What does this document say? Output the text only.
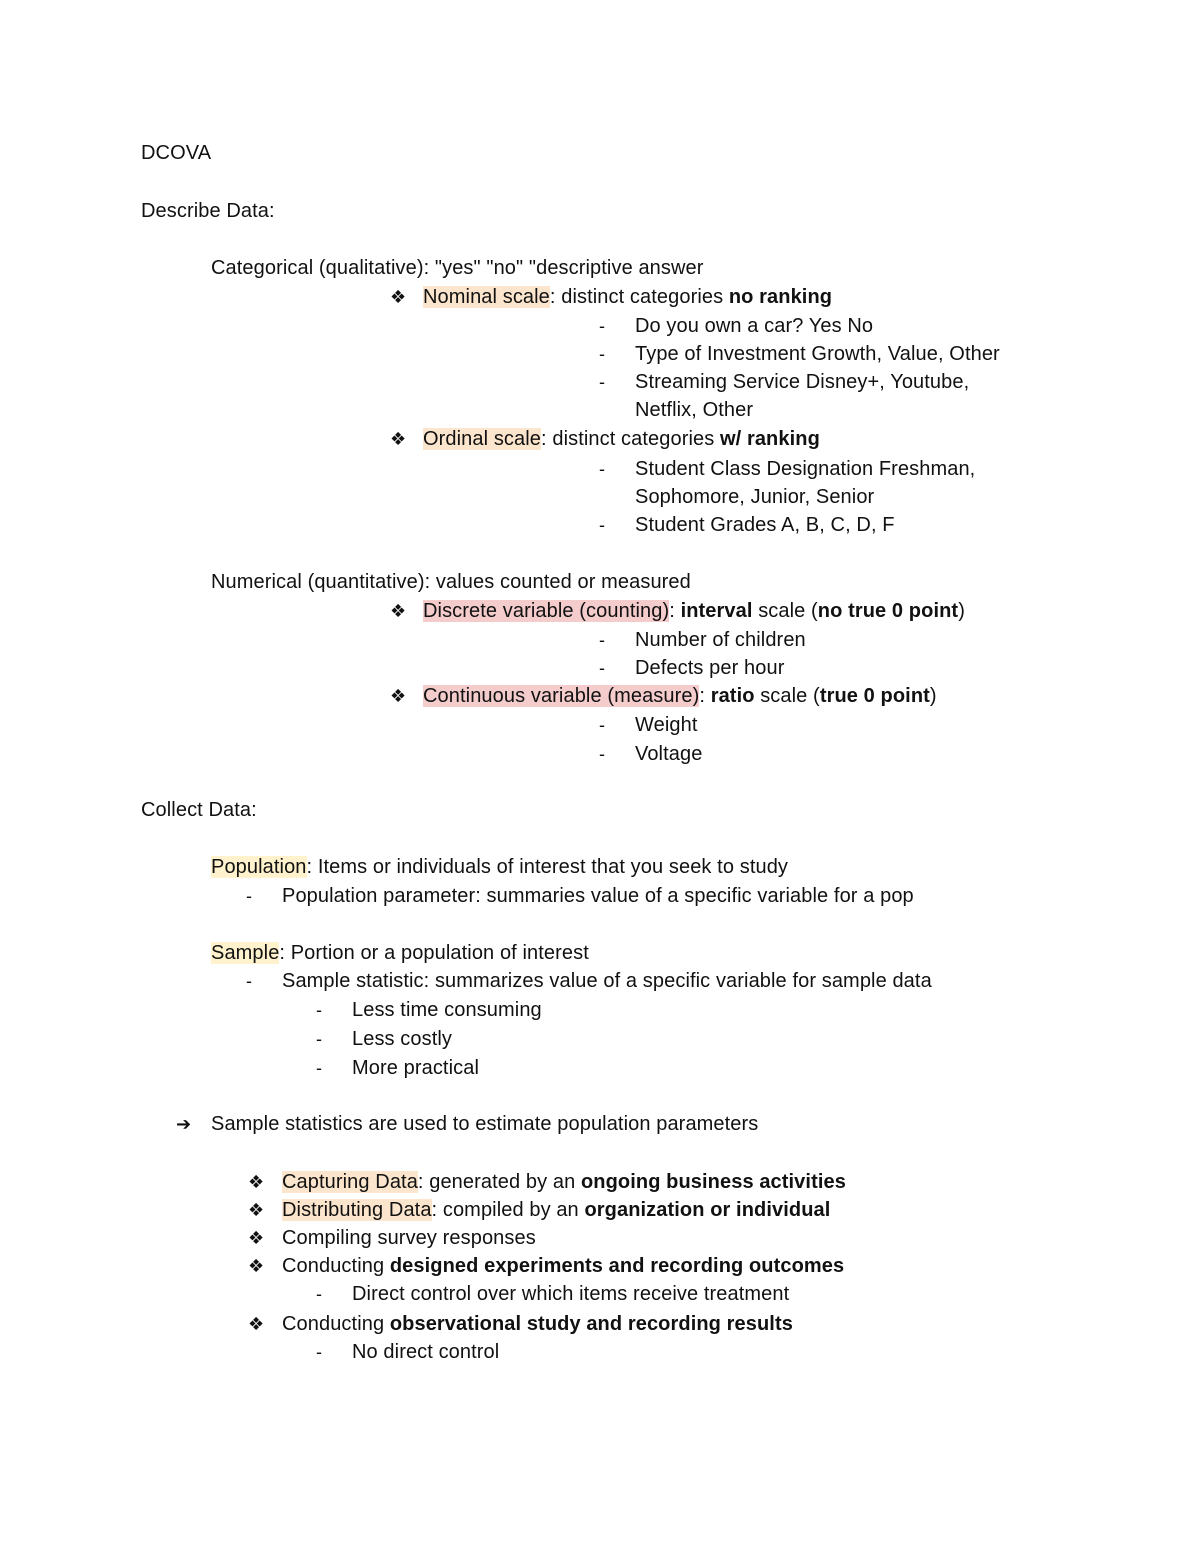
DCOVA
Describe Data:
Categorical (qualitative): "yes" "no" "descriptive answer
❖ Nominal scale: distinct categories no ranking
- Do you own a car? Yes No
- Type of Investment Growth, Value, Other
- Streaming Service Disney+, Youtube,
Netflix, Other
❖ Ordinal scale: distinct categories w/ ranking
- Student Class Designation Freshman,
Sophomore, Junior, Senior
- Student Grades A, B, C, D, F
Numerical (quantitative): values counted or measured
❖ Discrete variable (counting): interval scale (no true 0 point)
- Number of children
- Defects per hour
❖ Continuous variable (measure): ratio scale (true 0 point)
- Weight
- Voltage
Collect Data:
Population: Items or individuals of interest that you seek to study
- Population parameter: summaries value of a specific variable for a pop
Sample: Portion or a population of interest
- Sample statistic: summarizes value of a specific variable for sample data
- Less time consuming
- Less costly
- More practical
➔ Sample statistics are used to estimate population parameters
❖ Capturing Data: generated by an ongoing business activities
❖ Distributing Data: compiled by an organization or individual
❖ Compiling survey responses
❖ Conducting designed experiments and recording outcomes
- Direct control over which items receive treatment
❖ Conducting observational study and recording results
- No direct control
